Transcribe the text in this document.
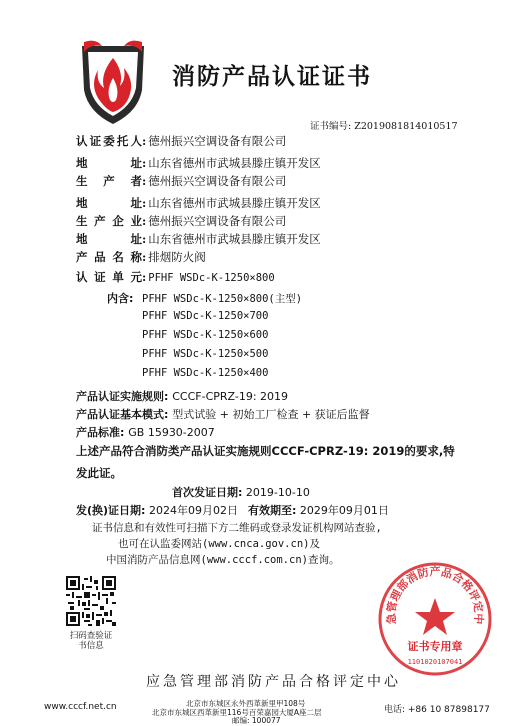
消防产品认证证书
证书编号: Z2019081814010517
认证委托人: 德州振兴空调设备有限公司
地址: 山东省德州市武城县滕庄镇开发区
生产者: 德州振兴空调设备有限公司
地址: 山东省德州市武城县滕庄镇开发区
生产企业: 德州振兴空调设备有限公司
地址: 山东省德州市武城县滕庄镇开发区
产品名称: 排烟防火阀
认证单元: PFHF WSDc-K-1250×800
内含: PFHF WSDc-K-1250×800(主型)
PFHF WSDc-K-1250×700
PFHF WSDc-K-1250×600
PFHF WSDc-K-1250×500
PFHF WSDc-K-1250×400
产品认证实施规则: CCCF-CPRZ-19: 2019
产品认证基本模式: 型式试验 + 初始工厂检查 + 获证后监督
产品标准: GB 15930-2007
上述产品符合消防类产品认证实施规则CCCF-CPRZ-19: 2019的要求,特发此证。
首次发证日期: 2019-10-10
发(换)证日期: 2024年09月02日 有效期至: 2029年09月01日
证书信息和有效性可扫描下方二维码或登录发证机构网站查验,
也可在认监委网站(www.cnca.gov.cn)及
中国消防产品信息网(www.cccf.com.cn)查询。
扫码查验证书信息
应急管理部消防产品合格评定中心
急管理部消防产品合格评定中
证书专用章
1101020107041
www.cccf.net.cn	北京市东城区永外西革新里甲108号
北京市东城区西革新里116号百荣嘉园大厦A座二层
邮编: 100077
电话: +86 10 87898177
